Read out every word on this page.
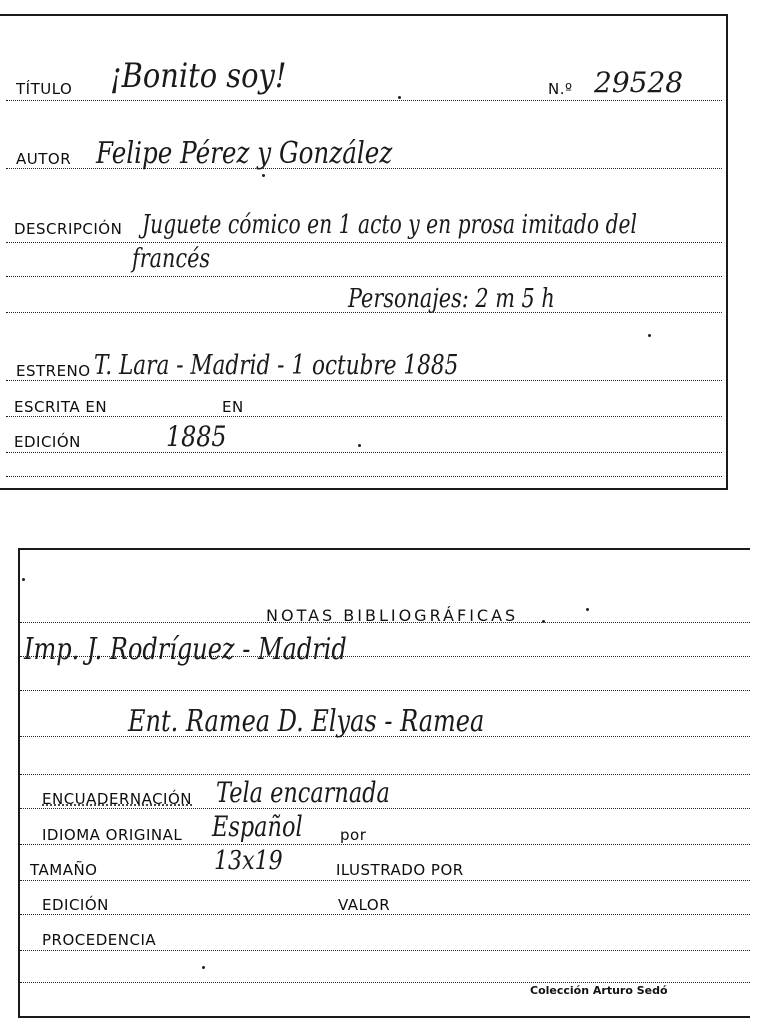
TÍTULO ¡Bonito soy!	N.º 29528
AUTOR Felipe Pérez y González
DESCRIPCIÓN Juguete cómico en 1 acto y en prosa imitado del
francés
Personajes: 2 m 5 h
ESTRENO T. Lara - Madrid - 1 octubre 1885
ESCRITA EN	EN
EDICIÓN	1885
NOTAS BIBLIOGRÁFICAS
Imp. J. Rodríguez - Madrid
Ent. Ramea D. Elyas - Ramea
ENCUADERNACIÓN Tela encarnada
IDIOMA ORIGINAL Español por
TAMAÑO	13x19	ILUSTRADO POR
EDICIÓN	VALOR
PROCEDENCIA
Colección Arturo Sedó
